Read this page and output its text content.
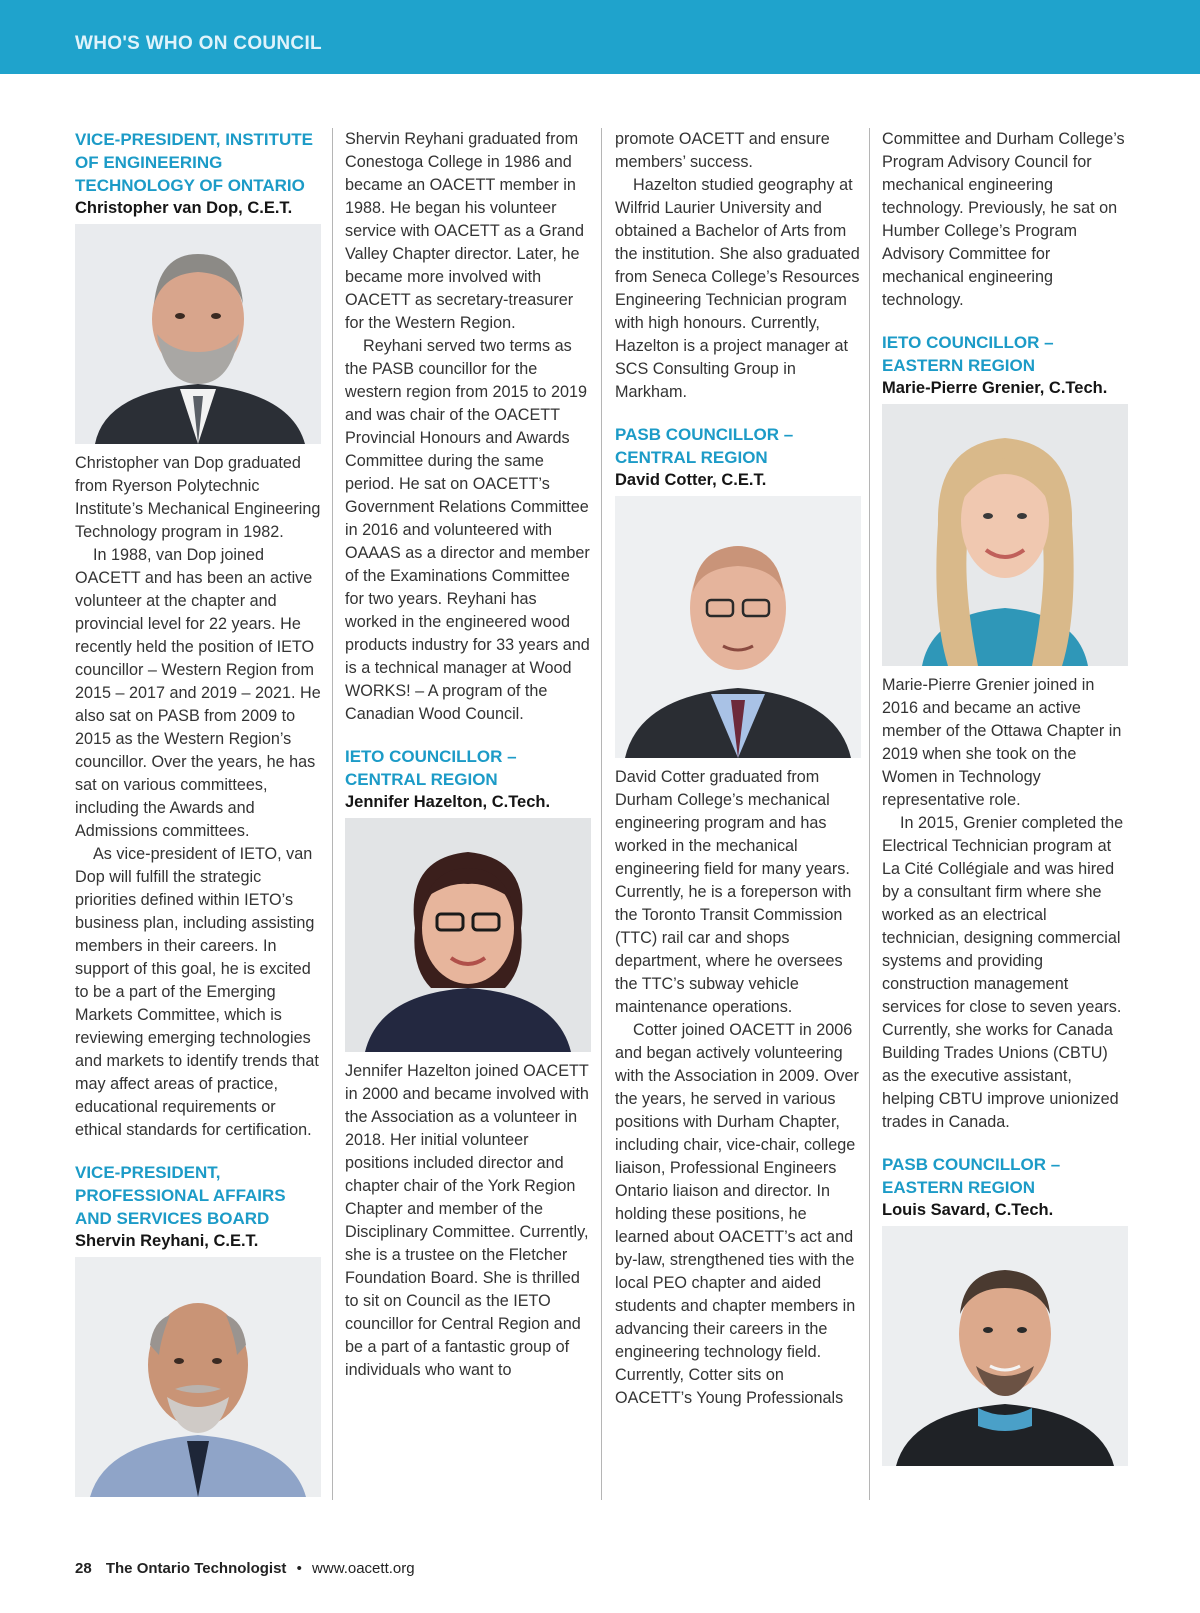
WHO'S WHO ON COUNCIL
VICE-PRESIDENT, INSTITUTE OF ENGINEERING TECHNOLOGY OF ONTARIO
Christopher van Dop, C.E.T.

Christopher van Dop graduated from Ryerson Polytechnic Institute’s Mechanical Engineering Technology program in 1982.

In 1988, van Dop joined OACETT and has been an active volunteer at the chapter and provincial level for 22 years. He recently held the position of IETO councillor – Western Region from 2015 – 2017 and 2019 – 2021. He also sat on PASB from 2009 to 2015 as the Western Region’s councillor. Over the years, he has sat on various committees, including the Awards and Admissions committees.

As vice-president of IETO, van Dop will fulfill the strategic priorities defined within IETO’s business plan, including assisting members in their careers. In support of this goal, he is excited to be a part of the Emerging Markets Committee, which is reviewing emerging technologies and markets to identify trends that may affect areas of practice, educational requirements or ethical standards for certification.

VICE-PRESIDENT, PROFESSIONAL AFFAIRS AND SERVICES BOARD
Shervin Reyhani, C.E.T.

Shervin Reyhani graduated from Conestoga College in 1986 and became an OACETT member in 1988. He began his volunteer service with OACETT as a Grand Valley Chapter director. Later, he became more involved with OACETT as secretary-treasurer for the Western Region.

Reyhani served two terms as the PASB councillor for the western region from 2015 to 2019 and was chair of the OACETT Provincial Honours and Awards Committee during the same period. He sat on OACETT’s Government Relations Committee in 2016 and volunteered with OAAAS as a director and member of the Examinations Committee for two years. Reyhani has worked in the engineered wood products industry for 33 years and is a technical manager at Wood WORKS! – A program of the Canadian Wood Council.

IETO COUNCILLOR – CENTRAL REGION
Jennifer Hazelton, C.Tech.

Jennifer Hazelton joined OACETT in 2000 and became involved with the Association as a volunteer in 2018. Her initial volunteer positions included director and chapter chair of the York Region Chapter and member of the Disciplinary Committee. Currently, she is a trustee on the Fletcher Foundation Board. She is thrilled to sit on Council as the IETO councillor for Central Region and be a part of a fantastic group of individuals who want to

promote OACETT and ensure members’ success.

Hazelton studied geography at Wilfrid Laurier University and obtained a Bachelor of Arts from the institution. She also graduated from Seneca College’s Resources Engineering Technician program with high honours. Currently, Hazelton is a project manager at SCS Consulting Group in Markham.

PASB COUNCILLOR – CENTRAL REGION
David Cotter, C.E.T.

David Cotter graduated from Durham College’s mechanical engineering program and has worked in the mechanical engineering field for many years. Currently, he is a foreperson with the Toronto Transit Commission (TTC) rail car and shops department, where he oversees the TTC’s subway vehicle maintenance operations.

Cotter joined OACETT in 2006 and began actively volunteering with the Association in 2009. Over the years, he served in various positions with Durham Chapter, including chair, vice-chair, college liaison, Professional Engineers Ontario liaison and director. In holding these positions, he learned about OACETT’s act and by-law, strengthened ties with the local PEO chapter and aided students and chapter members in advancing their careers in the engineering technology field. Currently, Cotter sits on OACETT’s Young Professionals

Committee and Durham College’s Program Advisory Council for mechanical engineering technology. Previously, he sat on Humber College’s Program Advisory Committee for mechanical engineering technology.

IETO COUNCILLOR – EASTERN REGION
Marie-Pierre Grenier, C.Tech.

Marie-Pierre Grenier joined in 2016 and became an active member of the Ottawa Chapter in 2019 when she took on the Women in Technology representative role.

In 2015, Grenier completed the Electrical Technician program at La Cité Collégiale and was hired by a consultant firm where she worked as an electrical technician, designing commercial systems and providing construction management services for close to seven years. Currently, she works for Canada Building Trades Unions (CBTU) as the executive assistant, helping CBTU improve unionized trades in Canada.

PASB COUNCILLOR – EASTERN REGION
Louis Savard, C.Tech.
28 The Ontario Technologist • www.oacett.org
